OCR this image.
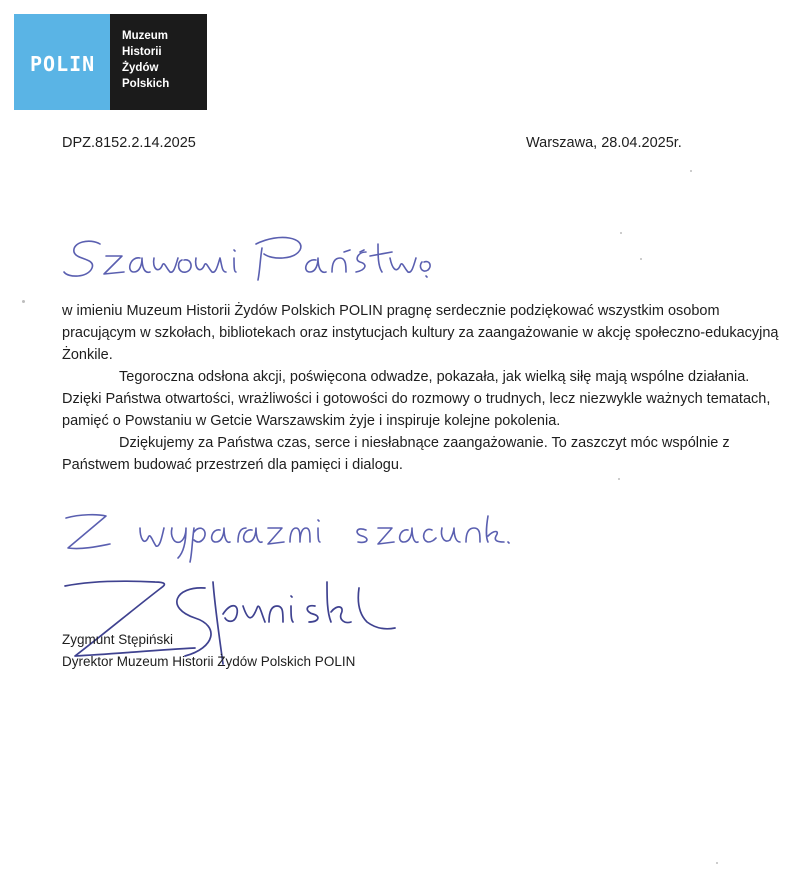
POLIN
Muzeum
Historii
Żydów
Polskich
DPZ.8152.2.14.2025	Warszawa, 28.04.2025r.

w imieniu Muzeum Historii Żydów Polskich POLIN pragnę serdecznie podziękować wszystkim osobom pracującym w szkołach, bibliotekach oraz instytucjach kultury za zaangażowanie w akcję społeczno-edukacyjną Żonkile.

Tegoroczna odsłona akcji, poświęcona odwadze, pokazała, jak wielką siłę mają wspólne działania. Dzięki Państwa otwartości, wrażliwości i gotowości do rozmowy o trudnych, lecz niezwykle ważnych tematach, pamięć o Powstaniu w Getcie Warszawskim żyje i inspiruje kolejne pokolenia.

Dziękujemy za Państwa czas, serce i niesłabnące zaangażowanie. To zaszczyt móc wspólnie z Państwem budować przestrzeń dla pamięci i dialogu.

Zygmunt Stępiński
Dyrektor Muzeum Historii Żydów Polskich POLIN
